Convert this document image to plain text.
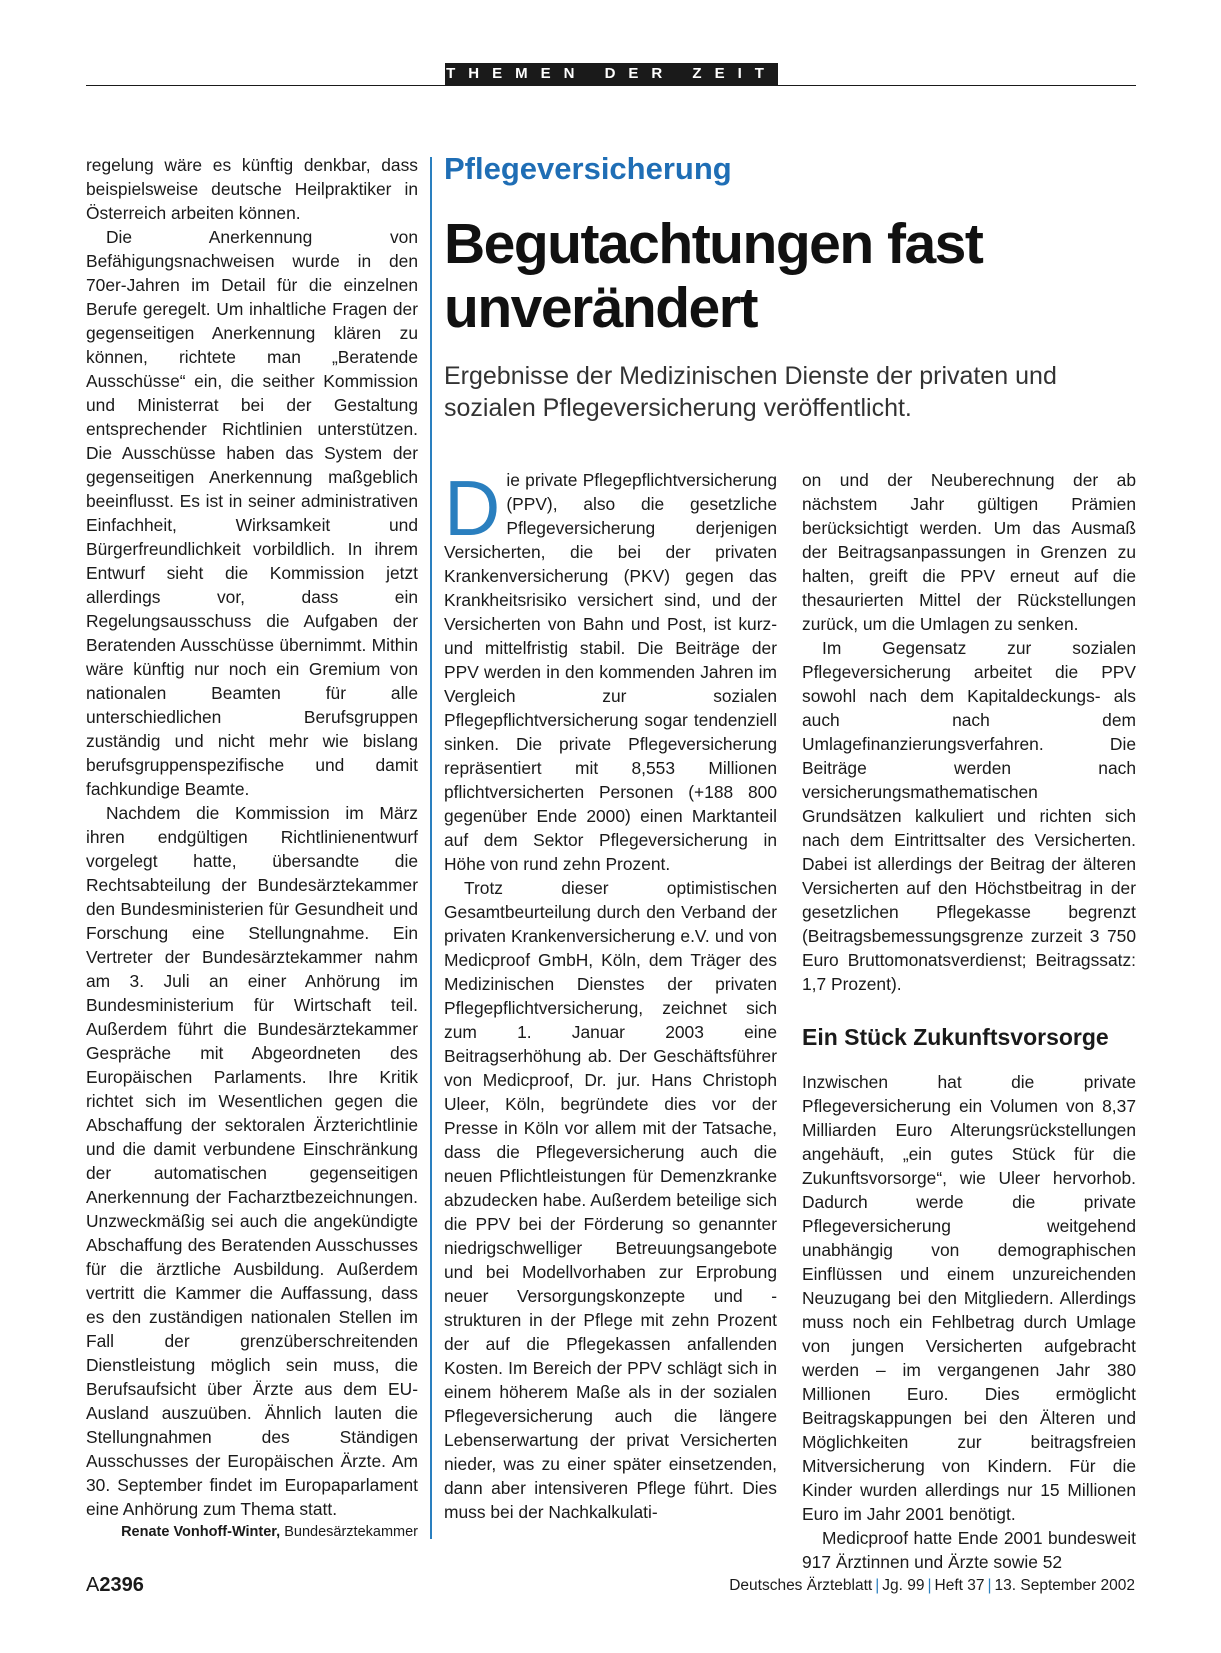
THEMEN DER ZEIT

regelung wäre es künftig denkbar, dass beispielsweise deutsche Heilpraktiker in Österreich arbeiten können.

Die Anerkennung von Befähigungsnachweisen wurde in den 70er-Jahren im Detail für die einzelnen Berufe geregelt. Um inhaltliche Fragen der gegenseitigen Anerkennung klären zu können, richtete man „Beratende Ausschüsse“ ein, die seither Kommission und Ministerrat bei der Gestaltung entsprechender Richtlinien unterstützen. Die Ausschüsse haben das System der gegenseitigen Anerkennung maßgeblich beeinflusst. Es ist in seiner administrativen Einfachheit, Wirksamkeit und Bürgerfreundlichkeit vorbildlich. In ihrem Entwurf sieht die Kommission jetzt allerdings vor, dass ein Regelungsausschuss die Aufgaben der Beratenden Ausschüsse übernimmt. Mithin wäre künftig nur noch ein Gremium von nationalen Beamten für alle unterschiedlichen Berufsgruppen zuständig und nicht mehr wie bislang berufsgruppenspezifische und damit fachkundige Beamte.

Nachdem die Kommission im März ihren endgültigen Richtlinienentwurf vorgelegt hatte, übersandte die Rechtsabteilung der Bundesärztekammer den Bundesministerien für Gesundheit und Forschung eine Stellungnahme. Ein Vertreter der Bundesärztekammer nahm am 3. Juli an einer Anhörung im Bundesministerium für Wirtschaft teil. Außerdem führt die Bundesärztekammer Gespräche mit Abgeordneten des Europäischen Parlaments. Ihre Kritik richtet sich im Wesentlichen gegen die Abschaffung der sektoralen Ärzterichtlinie und die damit verbundene Einschränkung der automatischen gegenseitigen Anerkennung der Facharztbezeichnungen. Unzweckmäßig sei auch die angekündigte Abschaffung des Beratenden Ausschusses für die ärztliche Ausbildung. Außerdem vertritt die Kammer die Auffassung, dass es den zuständigen nationalen Stellen im Fall der grenzüberschreitenden Dienstleistung möglich sein muss, die Berufsaufsicht über Ärzte aus dem EU-Ausland auszuüben. Ähnlich lauten die Stellungnahmen des Ständigen Ausschusses der Europäischen Ärzte. Am 30. September findet im Europaparlament eine Anhörung zum Thema statt.

Renate Vonhoff-Winter, Bundesärztekammer
Pflegeversicherung
Begutachtungen fast unverändert
Ergebnisse der Medizinischen Dienste der privaten und sozialen Pflegeversicherung veröffentlicht.

Die private Pflegepflichtversicherung (PPV), also die gesetzliche Pflegeversicherung derjenigen Versicherten, die bei der privaten Krankenversicherung (PKV) gegen das Krankheitsrisiko versichert sind, und der Versicherten von Bahn und Post, ist kurz- und mittelfristig stabil. Die Beiträge der PPV werden in den kommenden Jahren im Vergleich zur sozialen Pflegepflichtversicherung sogar tendenziell sinken. Die private Pflegeversicherung repräsentiert mit 8,553 Millionen pflichtversicherten Personen (+188 800 gegenüber Ende 2000) einen Marktanteil auf dem Sektor Pflegeversicherung in Höhe von rund zehn Prozent.

Trotz dieser optimistischen Gesamtbeurteilung durch den Verband der privaten Krankenversicherung e.V. und von Medicproof GmbH, Köln, dem Träger des Medizinischen Dienstes der privaten Pflegepflichtversicherung, zeichnet sich zum 1. Januar 2003 eine Beitragserhöhung ab. Der Geschäftsführer von Medicproof, Dr. jur. Hans Christoph Uleer, Köln, begründete dies vor der Presse in Köln vor allem mit der Tatsache, dass die Pflegeversicherung auch die neuen Pflichtleistungen für Demenzkranke abzudecken habe. Außerdem beteilige sich die PPV bei der Förderung so genannter niedrigschwelliger Betreuungsangebote und bei Modellvorhaben zur Erprobung neuer Versorgungskonzepte und -strukturen in der Pflege mit zehn Prozent der auf die Pflegekassen anfallenden Kosten. Im Bereich der PPV schlägt sich in einem höherem Maße als in der sozialen Pflegeversicherung auch die längere Lebenserwartung der privat Versicherten nieder, was zu einer später einsetzenden, dann aber intensiveren Pflege führt. Dies muss bei der Nachkalkulati-

on und der Neuberechnung der ab nächstem Jahr gültigen Prämien berücksichtigt werden. Um das Ausmaß der Beitragsanpassungen in Grenzen zu halten, greift die PPV erneut auf die thesaurierten Mittel der Rückstellungen zurück, um die Umlagen zu senken.

Im Gegensatz zur sozialen Pflegeversicherung arbeitet die PPV sowohl nach dem Kapitaldeckungs- als auch nach dem Umlagefinanzierungsverfahren. Die Beiträge werden nach versicherungsmathematischen Grundsätzen kalkuliert und richten sich nach dem Eintrittsalter des Versicherten. Dabei ist allerdings der Beitrag der älteren Versicherten auf den Höchstbeitrag in der gesetzlichen Pflegekasse begrenzt (Beitragsbemessungsgrenze zurzeit 3 750 Euro Bruttomonatsverdienst; Beitragssatz: 1,7 Prozent).

Ein Stück Zukunftsvorsorge

Inzwischen hat die private Pflegeversicherung ein Volumen von 8,37 Milliarden Euro Alterungsrückstellungen angehäuft, „ein gutes Stück für die Zukunftsvorsorge“, wie Uleer hervorhob. Dadurch werde die private Pflegeversicherung weitgehend unabhängig von demographischen Einflüssen und einem unzureichenden Neuzugang bei den Mitgliedern. Allerdings muss noch ein Fehlbetrag durch Umlage von jungen Versicherten aufgebracht werden – im vergangenen Jahr 380 Millionen Euro. Dies ermöglicht Beitragskappungen bei den Älteren und Möglichkeiten zur beitragsfreien Mitversicherung von Kindern. Für die Kinder wurden allerdings nur 15 Millionen Euro im Jahr 2001 benötigt.

Medicproof hatte Ende 2001 bundesweit 917 Ärztinnen und Ärzte sowie 52

A2396	Deutsches Ärzteblatt | Jg. 99 | Heft 37 | 13. September 2002
